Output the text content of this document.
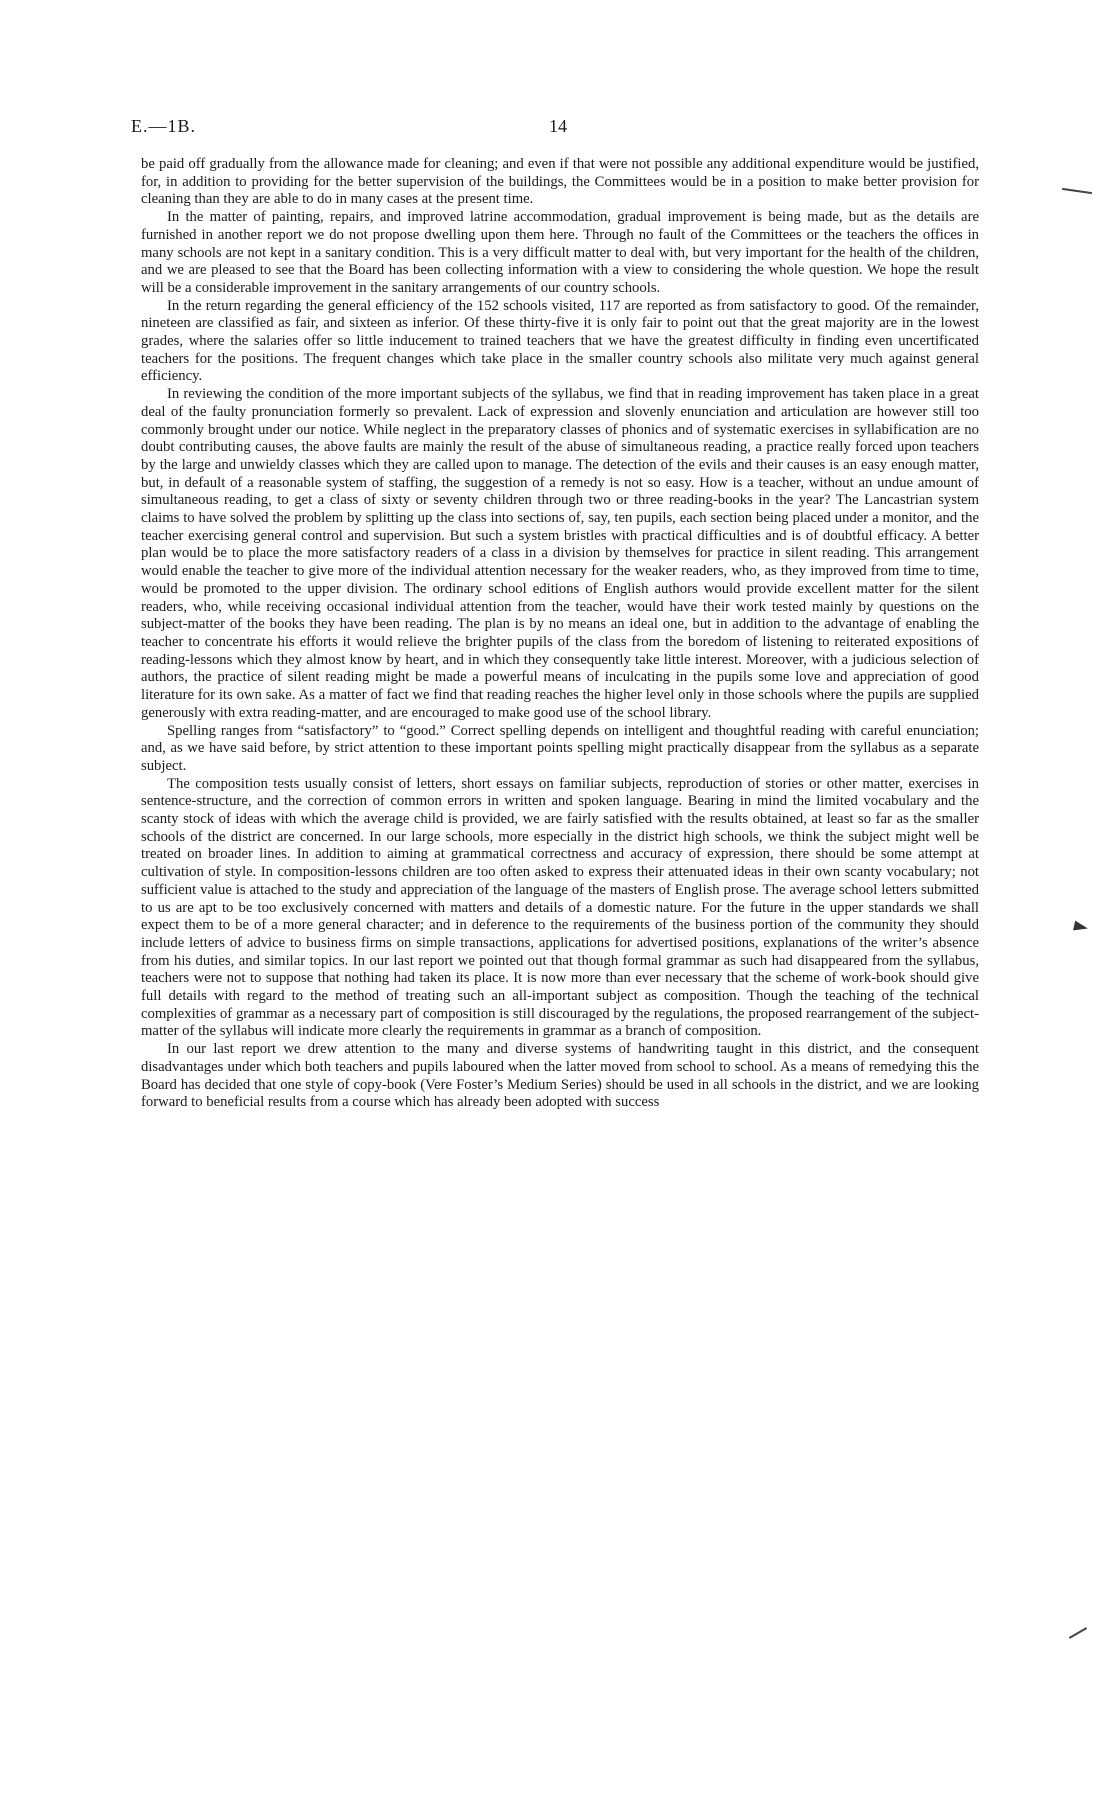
E.—1B.	14

be paid off gradually from the allowance made for cleaning; and even if that were not possible any additional expenditure would be justified, for, in addition to providing for the better supervision of the buildings, the Committees would be in a position to make better provision for cleaning than they are able to do in many cases at the present time.

In the matter of painting, repairs, and improved latrine accommodation, gradual improvement is being made, but as the details are furnished in another report we do not propose dwelling upon them here. Through no fault of the Committees or the teachers the offices in many schools are not kept in a sanitary condition. This is a very difficult matter to deal with, but very important for the health of the children, and we are pleased to see that the Board has been collecting information with a view to considering the whole question. We hope the result will be a considerable improvement in the sanitary arrangements of our country schools.

In the return regarding the general efficiency of the 152 schools visited, 117 are reported as from satisfactory to good. Of the remainder, nineteen are classified as fair, and sixteen as inferior. Of these thirty-five it is only fair to point out that the great majority are in the lowest grades, where the salaries offer so little inducement to trained teachers that we have the greatest difficulty in finding even uncertificated teachers for the positions. The frequent changes which take place in the smaller country schools also militate very much against general efficiency.

In reviewing the condition of the more important subjects of the syllabus, we find that in reading improvement has taken place in a great deal of the faulty pronunciation formerly so prevalent. Lack of expression and slovenly enunciation and articulation are however still too commonly brought under our notice. While neglect in the preparatory classes of phonics and of systematic exercises in syllabification are no doubt contributing causes, the above faults are mainly the result of the abuse of simultaneous reading, a practice really forced upon teachers by the large and unwieldy classes which they are called upon to manage. The detection of the evils and their causes is an easy enough matter, but, in default of a reasonable system of staffing, the suggestion of a remedy is not so easy. How is a teacher, without an undue amount of simultaneous reading, to get a class of sixty or seventy children through two or three reading-books in the year? The Lancastrian system claims to have solved the problem by splitting up the class into sections of, say, ten pupils, each section being placed under a monitor, and the teacher exercising general control and supervision. But such a system bristles with practical difficulties and is of doubtful efficacy. A better plan would be to place the more satisfactory readers of a class in a division by themselves for practice in silent reading. This arrangement would enable the teacher to give more of the individual attention necessary for the weaker readers, who, as they improved from time to time, would be promoted to the upper division. The ordinary school editions of English authors would provide excellent matter for the silent readers, who, while receiving occasional individual attention from the teacher, would have their work tested mainly by questions on the subject-matter of the books they have been reading. The plan is by no means an ideal one, but in addition to the advantage of enabling the teacher to concentrate his efforts it would relieve the brighter pupils of the class from the boredom of listening to reiterated expositions of reading-lessons which they almost know by heart, and in which they consequently take little interest. Moreover, with a judicious selection of authors, the practice of silent reading might be made a powerful means of inculcating in the pupils some love and appreciation of good literature for its own sake. As a matter of fact we find that reading reaches the higher level only in those schools where the pupils are supplied generously with extra reading-matter, and are encouraged to make good use of the school library.

Spelling ranges from “satisfactory” to “good.” Correct spelling depends on intelligent and thoughtful reading with careful enunciation; and, as we have said before, by strict attention to these important points spelling might practically disappear from the syllabus as a separate subject.

The composition tests usually consist of letters, short essays on familiar subjects, reproduction of stories or other matter, exercises in sentence-structure, and the correction of common errors in written and spoken language. Bearing in mind the limited vocabulary and the scanty stock of ideas with which the average child is provided, we are fairly satisfied with the results obtained, at least so far as the smaller schools of the district are concerned. In our large schools, more especially in the district high schools, we think the subject might well be treated on broader lines. In addition to aiming at grammatical correctness and accuracy of expression, there should be some attempt at cultivation of style. In composition-lessons children are too often asked to express their attenuated ideas in their own scanty vocabulary; not sufficient value is attached to the study and appreciation of the language of the masters of English prose. The average school letters submitted to us are apt to be too exclusively concerned with matters and details of a domestic nature. For the future in the upper standards we shall expect them to be of a more general character; and in deference to the requirements of the business portion of the community they should include letters of advice to business firms on simple transactions, applications for advertised positions, explanations of the writer’s absence from his duties, and similar topics. In our last report we pointed out that though formal grammar as such had disappeared from the syllabus, teachers were not to suppose that nothing had taken its place. It is now more than ever necessary that the scheme of work-book should give full details with regard to the method of treating such an all-important subject as composition. Though the teaching of the technical complexities of grammar as a necessary part of composition is still discouraged by the regulations, the proposed rearrangement of the subject-matter of the syllabus will indicate more clearly the requirements in grammar as a branch of composition.

In our last report we drew attention to the many and diverse systems of handwriting taught in this district, and the consequent disadvantages under which both teachers and pupils laboured when the latter moved from school to school. As a means of remedying this the Board has decided that one style of copy-book (Vere Foster’s Medium Series) should be used in all schools in the district, and we are looking forward to beneficial results from a course which has already been adopted with success
